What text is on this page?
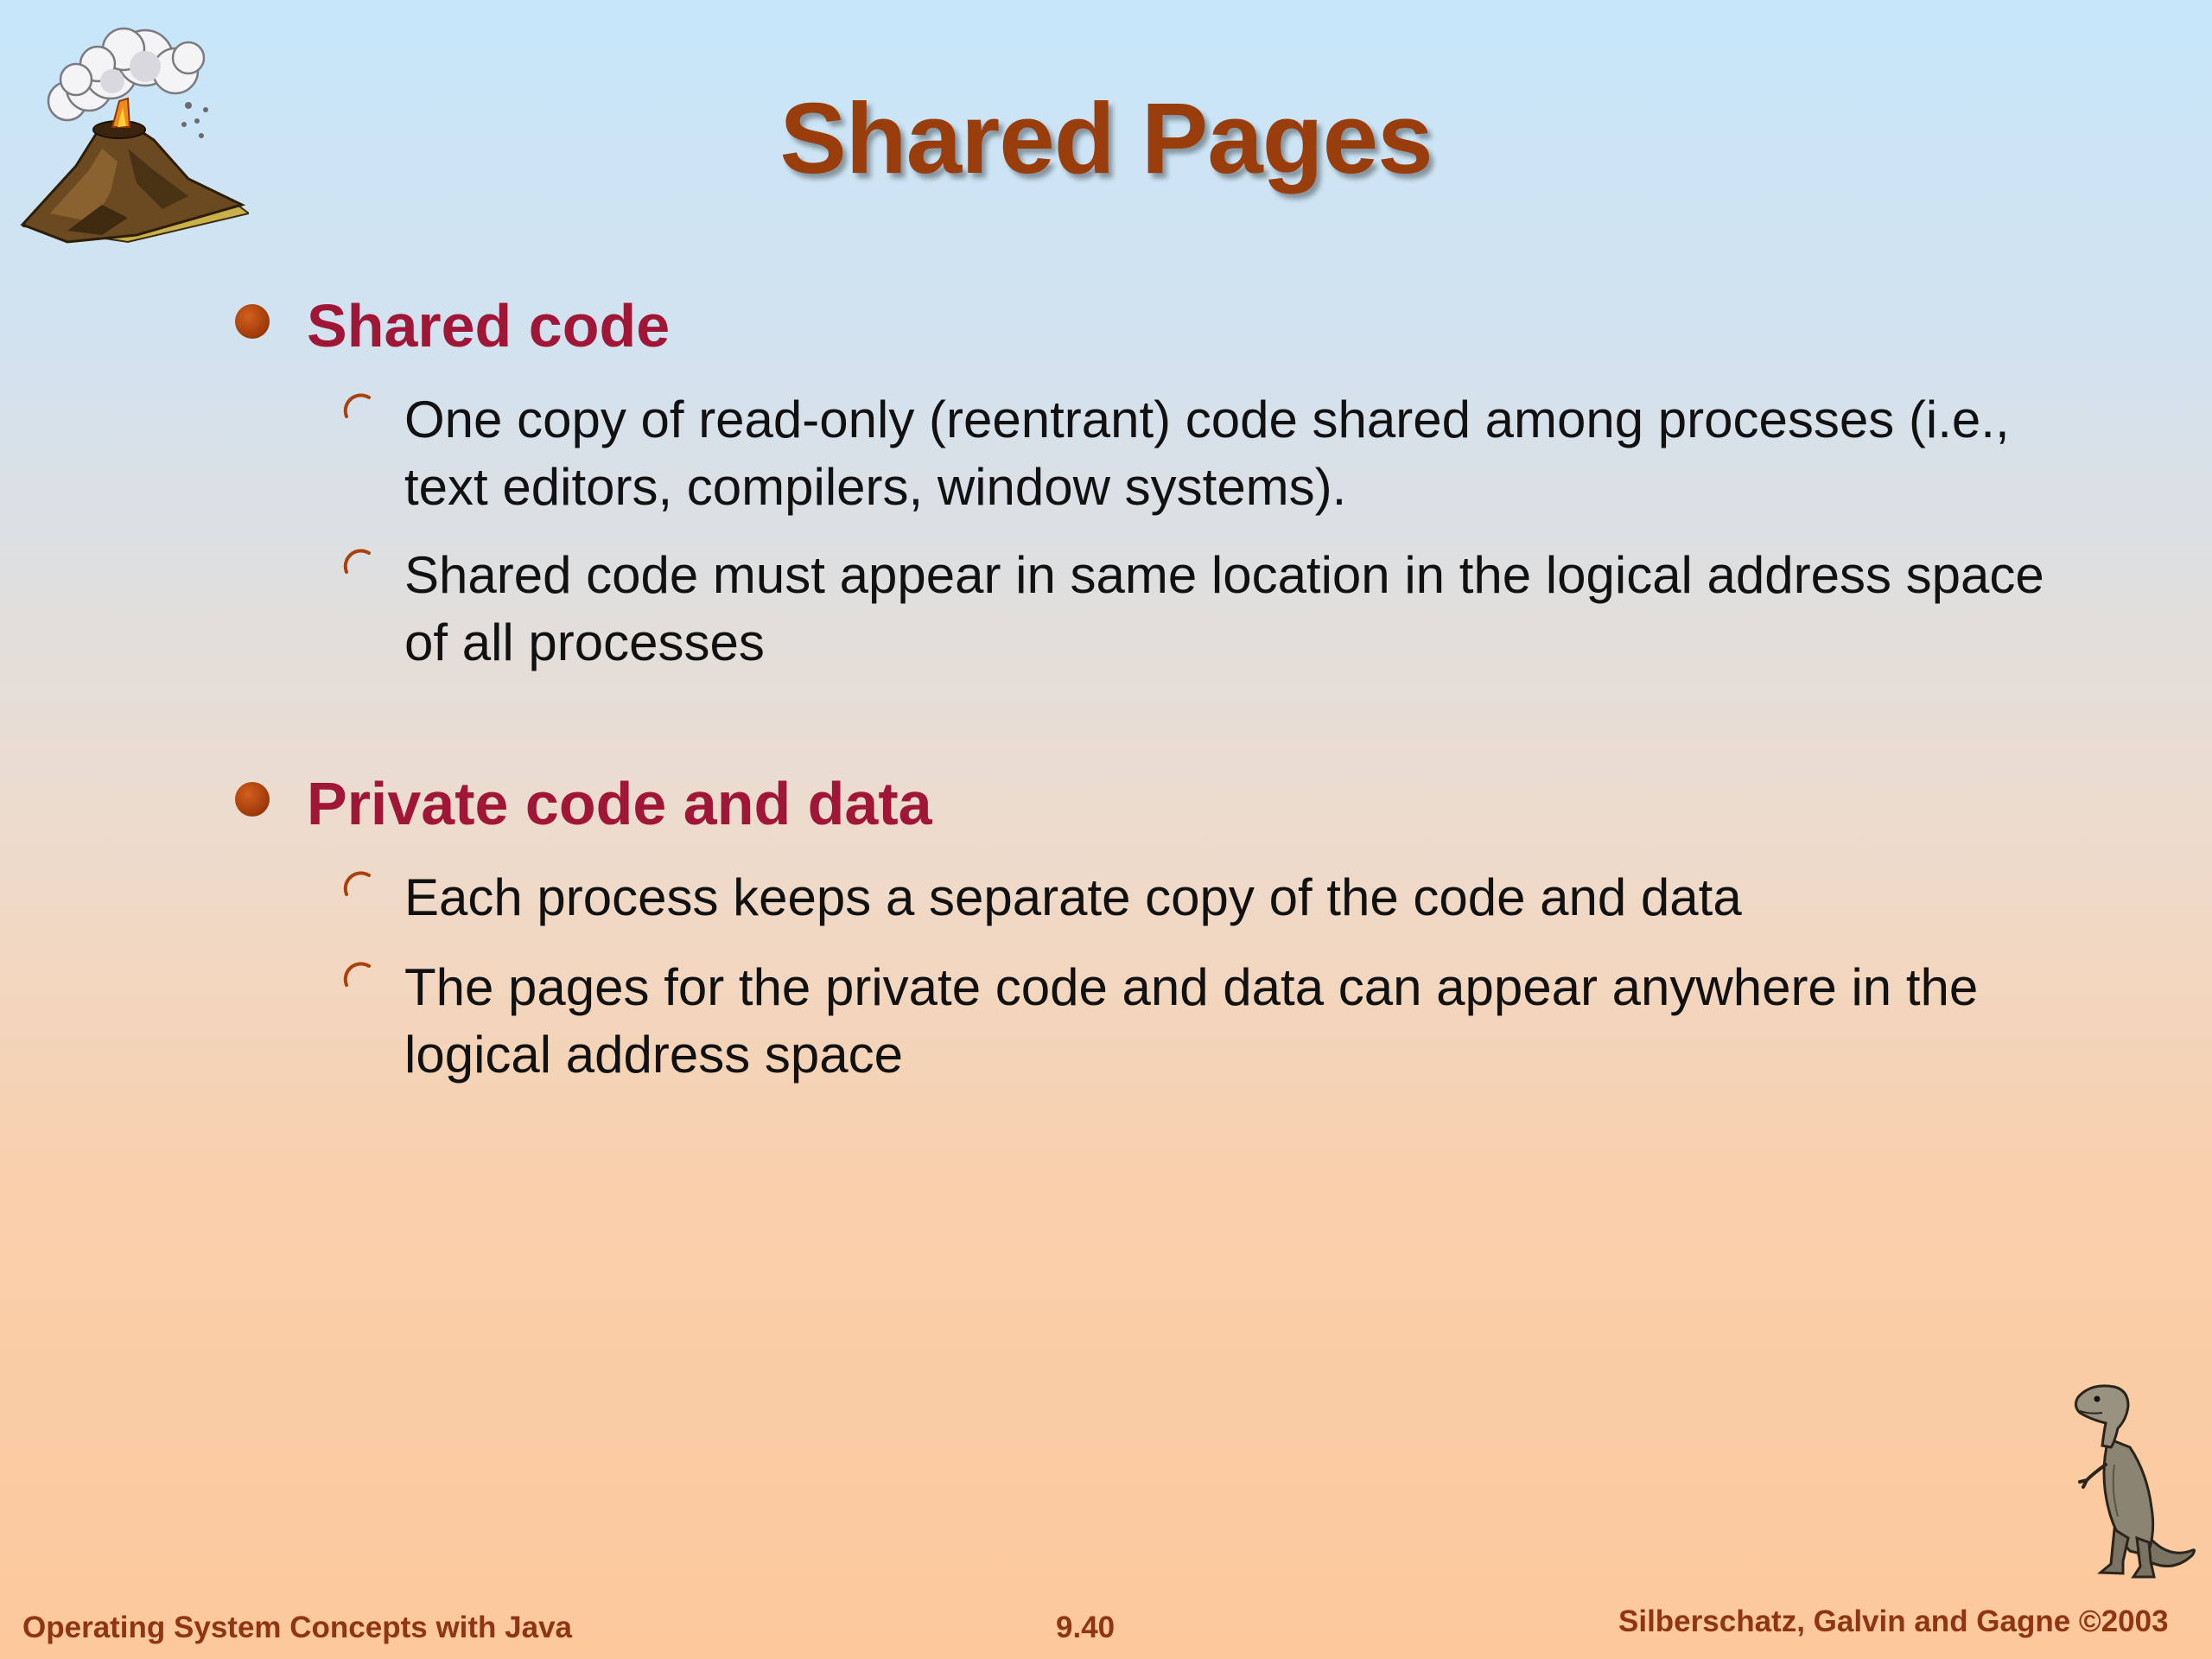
Shared Pages
Shared code
One copy of read-only (reentrant) code shared among processes (i.e., text editors, compilers, window systems).
Shared code must appear in same location in the logical address space of all processes
Private code and data
Each process keeps a separate copy of the code and data
The pages for the private code and data can appear anywhere in the logical address space
Operating System Concepts with Java	9.40	Silberschatz, Galvin and Gagne ©2003
